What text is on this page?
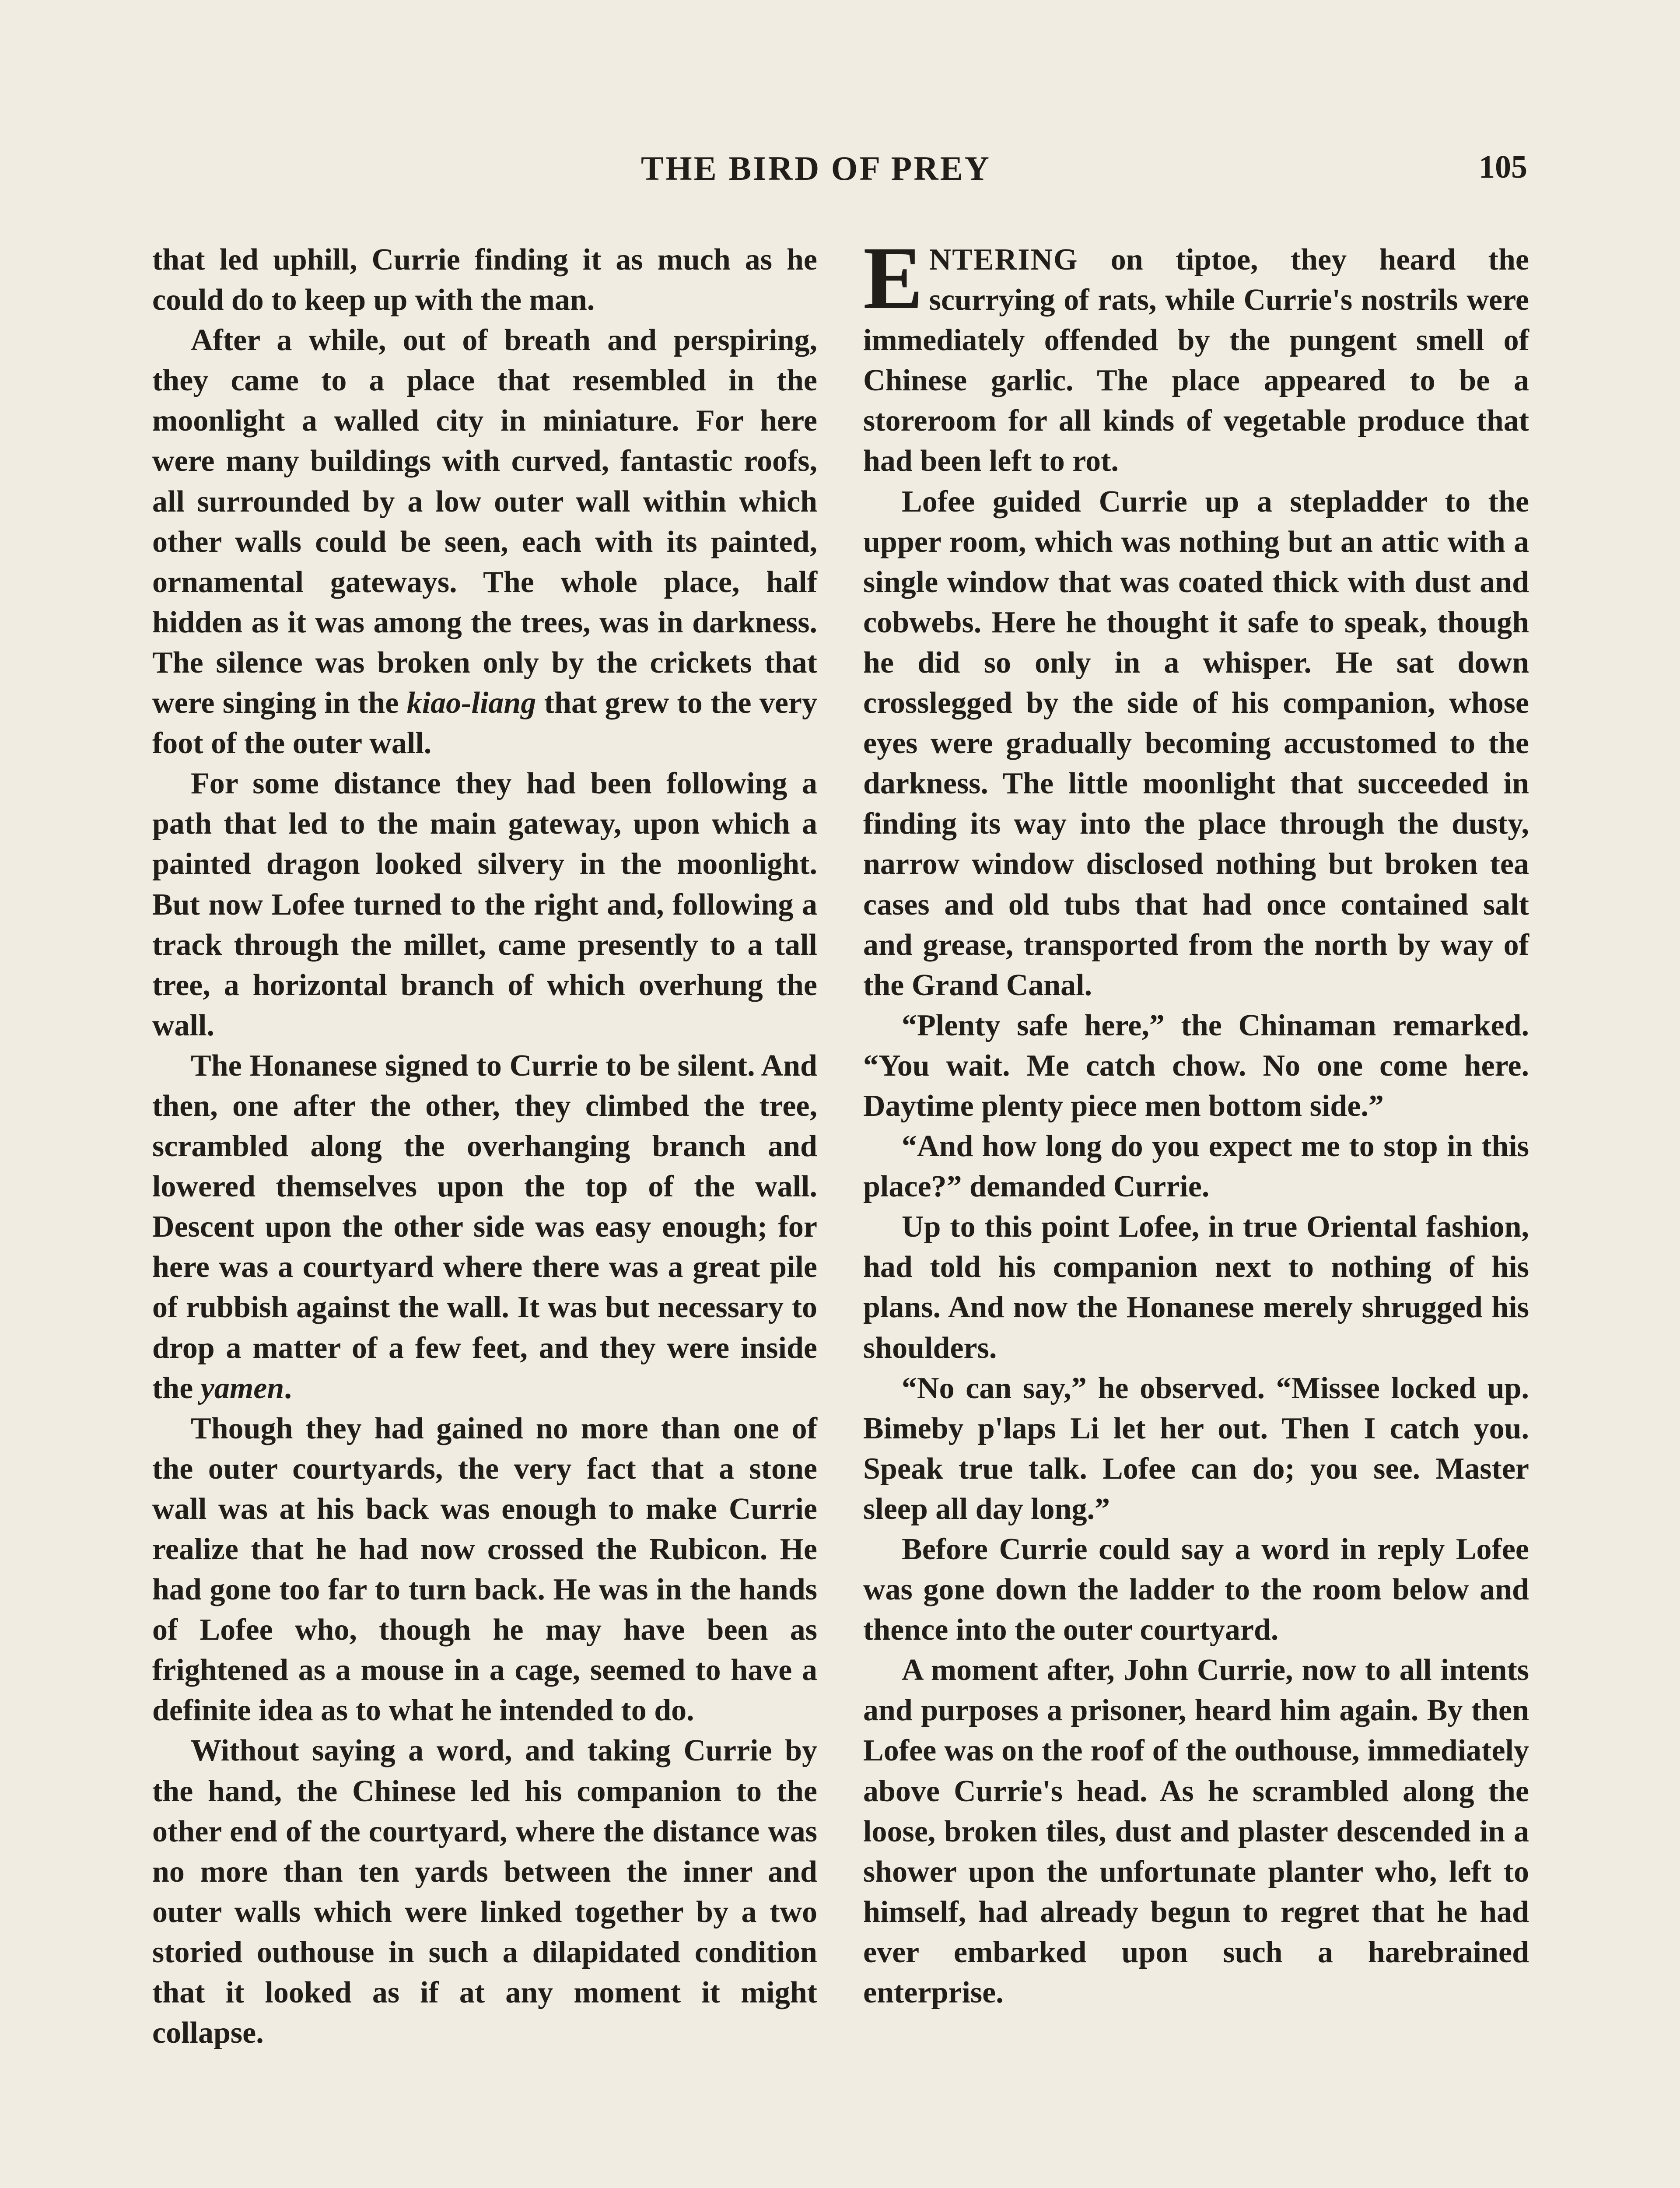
THE BIRD OF PREY	105

that led uphill, Currie finding it as much as he could do to keep up with the man.

After a while, out of breath and perspiring, they came to a place that resembled in the moonlight a walled city in miniature. For here were many buildings with curved, fantastic roofs, all surrounded by a low outer wall within which other walls could be seen, each with its painted, ornamental gateways. The whole place, half hidden as it was among the trees, was in darkness. The silence was broken only by the crickets that were singing in the kiao-liang that grew to the very foot of the outer wall.

For some distance they had been following a path that led to the main gateway, upon which a painted dragon looked silvery in the moonlight. But now Lofee turned to the right and, following a track through the millet, came presently to a tall tree, a horizontal branch of which overhung the wall.

The Honanese signed to Currie to be silent. And then, one after the other, they climbed the tree, scrambled along the overhanging branch and lowered themselves upon the top of the wall. Descent upon the other side was easy enough; for here was a courtyard where there was a great pile of rubbish against the wall. It was but necessary to drop a matter of a few feet, and they were inside the yamen.

Though they had gained no more than one of the outer courtyards, the very fact that a stone wall was at his back was enough to make Currie realize that he had now crossed the Rubicon. He had gone too far to turn back. He was in the hands of Lofee who, though he may have been as frightened as a mouse in a cage, seemed to have a definite idea as to what he intended to do.

Without saying a word, and taking Currie by the hand, the Chinese led his companion to the other end of the courtyard, where the distance was no more than ten yards between the inner and outer walls which were linked together by a two storied outhouse in such a dilapidated condition that it looked as if at any moment it might collapse.

ENTERING on tiptoe, they heard the scurrying of rats, while Currie's nostrils were immediately offended by the pungent smell of Chinese garlic. The place appeared to be a storeroom for all kinds of vegetable produce that had been left to rot.

Lofee guided Currie up a stepladder to the upper room, which was nothing but an attic with a single window that was coated thick with dust and cobwebs. Here he thought it safe to speak, though he did so only in a whisper. He sat down crosslegged by the side of his companion, whose eyes were gradually becoming accustomed to the darkness. The little moonlight that succeeded in finding its way into the place through the dusty, narrow window disclosed nothing but broken tea cases and old tubs that had once contained salt and grease, transported from the north by way of the Grand Canal.

“Plenty safe here,” the Chinaman remarked. “You wait. Me catch chow. No one come here. Daytime plenty piece men bottom side.”

“And how long do you expect me to stop in this place?” demanded Currie.

Up to this point Lofee, in true Oriental fashion, had told his companion next to nothing of his plans. And now the Honanese merely shrugged his shoulders.

“No can say,” he observed. “Missee locked up. Bimeby p'laps Li let her out. Then I catch you. Speak true talk. Lofee can do; you see. Master sleep all day long.”

Before Currie could say a word in reply Lofee was gone down the ladder to the room below and thence into the outer courtyard.

A moment after, John Currie, now to all intents and purposes a prisoner, heard him again. By then Lofee was on the roof of the outhouse, immediately above Currie's head. As he scrambled along the loose, broken tiles, dust and plaster descended in a shower upon the unfortunate planter who, left to himself, had already begun to regret that he had ever embarked upon such a harebrained enterprise.
